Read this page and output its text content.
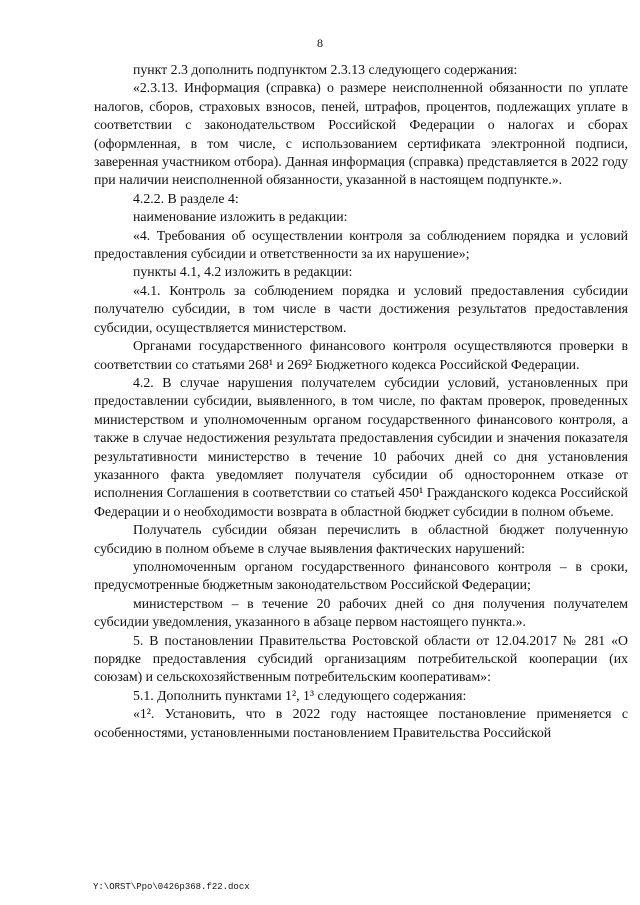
8

пункт 2.3 дополнить подпунктом 2.3.13 следующего содержания:

«2.3.13. Информация (справка) о размере неисполненной обязанности по уплате налогов, сборов, страховых взносов, пеней, штрафов, процентов, подлежащих уплате в соответствии с законодательством Российской Федерации о налогах и сборах (оформленная, в том числе, с использованием сертификата электронной подписи, заверенная участником отбора). Данная информация (справка) представляется в 2022 году при наличии неисполненной обязанности, указанной в настоящем подпункте.».

4.2.2. В разделе 4:

наименование изложить в редакции:

«4. Требования об осуществлении контроля за соблюдением порядка и условий предоставления субсидии и ответственности за их нарушение»;

пункты 4.1, 4.2 изложить в редакции:

«4.1. Контроль за соблюдением порядка и условий предоставления субсидии получателю субсидии, в том числе в части достижения результатов предоставления субсидии, осуществляется министерством.

Органами государственного финансового контроля осуществляются проверки в соответствии со статьями 268¹ и 269² Бюджетного кодекса Российской Федерации.

4.2. В случае нарушения получателем субсидии условий, установленных при предоставлении субсидии, выявленного, в том числе, по фактам проверок, проведенных министерством и уполномоченным органом государственного финансового контроля, а также в случае недостижения результата предоставления субсидии и значения показателя результативности министерство в течение 10 рабочих дней со дня установления указанного факта уведомляет получателя субсидии об одностороннем отказе от исполнения Соглашения в соответствии со статьей 450¹ Гражданского кодекса Российской Федерации и о необходимости возврата в областной бюджет субсидии в полном объеме.

Получатель субсидии обязан перечислить в областной бюджет полученную субсидию в полном объеме в случае выявления фактических нарушений:

уполномоченным органом государственного финансового контроля – в сроки, предусмотренные бюджетным законодательством Российской Федерации;

министерством – в течение 20 рабочих дней со дня получения получателем субсидии уведомления, указанного в абзаце первом настоящего пункта.».

5. В постановлении Правительства Ростовской области от 12.04.2017 № 281 «О порядке предоставления субсидий организациям потребительской кооперации (их союзам) и сельскохозяйственным потребительским кооперативам»:

5.1. Дополнить пунктами 1², 1³ следующего содержания:

«1². Установить, что в 2022 году настоящее постановление применяется с особенностями, установленными постановлением Правительства Российской

Y:\ORST\Ppo\0426p368.f22.docx
